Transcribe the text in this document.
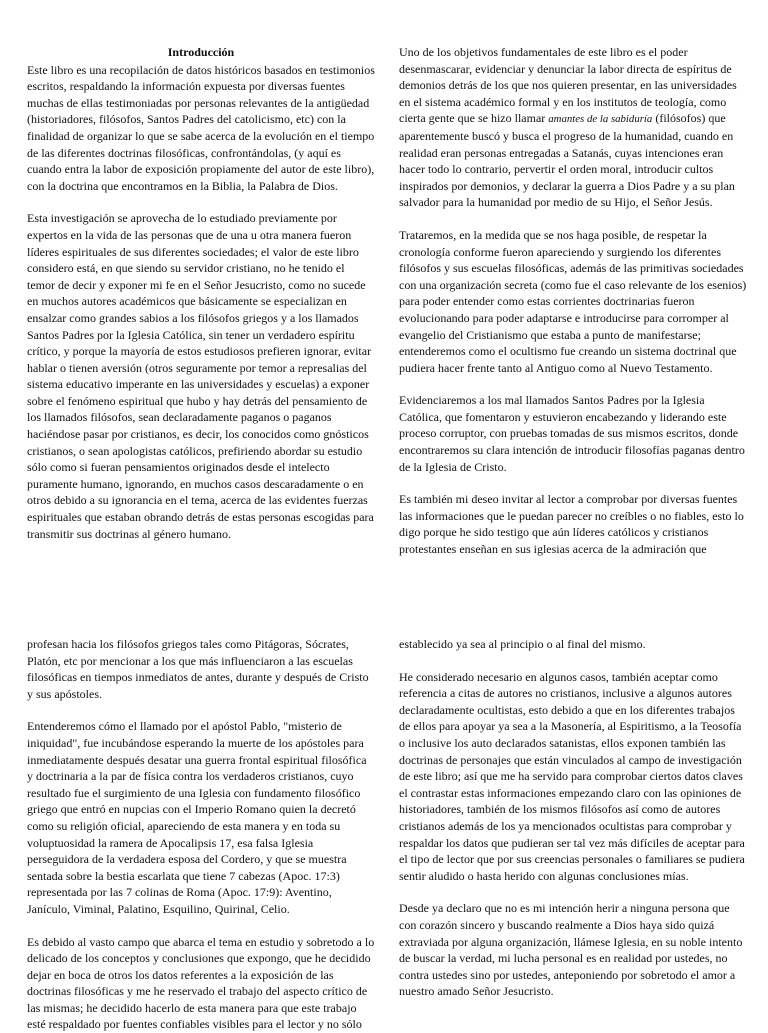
Introducción

Este libro es una recopilación de datos históricos basados en testimonios escritos, respaldando la información expuesta por diversas fuentes muchas de ellas testimoniadas por personas relevantes de la antigüedad (historiadores, filósofos, Santos Padres del catolicismo, etc) con la finalidad de organizar lo que se sabe acerca de la evolución en el tiempo de las diferentes doctrinas filosóficas, confrontándolas, (y aquí es cuando entra la labor de exposición propiamente del autor de este libro), con la doctrina que encontramos en la Biblia, la Palabra de Dios.

Esta investigación se aprovecha de lo estudiado previamente por expertos en la vida de las personas que de una u otra manera fueron líderes espirituales de sus diferentes sociedades; el valor de este libro considero está, en que siendo su servidor cristiano, no he tenido el temor de decir y exponer mi fe en el Señor Jesucristo, como no sucede en muchos autores académicos que básicamente se especializan en ensalzar como grandes sabios a los filósofos griegos y a los llamados Santos Padres por la Iglesia Católica, sin tener un verdadero espíritu crítico, y porque la mayoría de estos estudiosos prefieren ignorar, evitar hablar o tienen aversión (otros seguramente por temor a represalias del sistema educativo imperante en las universidades y escuelas) a exponer sobre el fenómeno espiritual que hubo y hay detrás del pensamiento de los llamados filósofos, sean declaradamente paganos o paganos haciéndose pasar por cristianos, es decir, los conocidos como gnósticos cristianos, o sean apologistas católicos, prefiriendo abordar su estudio sólo como si fueran pensamientos originados desde el intelecto puramente humano, ignorando, en muchos casos descaradamente o en otros debido a su ignorancia en el tema, acerca de las evidentes fuerzas espirituales que estaban obrando detrás de estas personas escogidas para transmitir sus doctrinas al género humano.

Uno de los objetivos fundamentales de este libro es el poder desenmascarar, evidenciar y denunciar la labor directa de espíritus de demonios detrás de los que nos quieren presentar, en las universidades en el sistema académico formal y en los institutos de teología, como cierta gente que se hizo llamar amantes de la sabiduría (filósofos) que aparentemente buscó y busca el progreso de la humanidad, cuando en realidad eran personas entregadas a Satanás, cuyas intenciones eran hacer todo lo contrario, pervertir el orden moral, introducir cultos inspirados por demonios, y declarar la guerra a Dios Padre y a su plan salvador para la humanidad por medio de su Hijo, el Señor Jesús.

Trataremos, en la medida que se nos haga posible, de respetar la cronología conforme fueron apareciendo y surgiendo los diferentes filósofos y sus escuelas filosóficas, además de las primitivas sociedades con una organización secreta (como fue el caso relevante de los esenios) para poder entender como estas corrientes doctrinarias fueron evolucionando para poder adaptarse e introducirse para corromper al evangelio del Cristianismo que estaba a punto de manifestarse; entenderemos como el ocultismo fue creando un sistema doctrinal que pudiera hacer frente tanto al Antiguo como al Nuevo Testamento.

Evidenciaremos a los mal llamados Santos Padres por la Iglesia Católica, que fomentaron y estuvieron encabezando y liderando este proceso corruptor, con pruebas tomadas de sus mismos escritos, donde encontraremos su clara intención de introducir filosofías paganas dentro de la Iglesia de Cristo.

Es también mi deseo invitar al lector a comprobar por diversas fuentes las informaciones que le puedan parecer no creíbles o no fiables, esto lo digo porque he sido testigo que aún líderes católicos y cristianos protestantes enseñan en sus iglesias acerca de la admiración que

profesan hacia los filósofos griegos tales como Pitágoras, Sócrates, Platón, etc por mencionar a los que más influenciaron a las escuelas filosóficas en tiempos inmediatos de antes, durante y después de Cristo y sus apóstoles.

Entenderemos cómo el llamado por el apóstol Pablo, "misterio de iniquidad", fue incubándose esperando la muerte de los apóstoles para inmediatamente después desatar una guerra frontal espiritual filosófica y doctrinaria a la par de física contra los verdaderos cristianos, cuyo resultado fue el surgimiento de una Iglesia con fundamento filosófico griego que entró en nupcias con el Imperio Romano quien la decretó como su religión oficial, apareciendo de esta manera y en toda su voluptuosidad la ramera de Apocalipsis 17, esa falsa Iglesia perseguidora de la verdadera esposa del Cordero, y que se muestra sentada sobre la bestia escarlata que tiene 7 cabezas (Apoc. 17:3) representada por las 7 colinas de Roma (Apoc. 17:9): Aventino, Janículo, Viminal, Palatino, Esquilino, Quirinal, Celio.

Es debido al vasto campo que abarca el tema en estudio y sobretodo a lo delicado de los conceptos y conclusiones que expongo, que he decidido dejar en boca de otros los datos referentes a la exposición de las doctrinas filosóficas y me he reservado el trabajo del aspecto crítico de las mismas; he decidido hacerlo de esta manera para que este trabajo esté respaldado por fuentes confiables visibles para el lector y no sólo

establecido ya sea al principio o al final del mismo.

He considerado necesario en algunos casos, también aceptar como referencia a citas de autores no cristianos, inclusive a algunos autores declaradamente ocultistas, esto debido a que en los diferentes trabajos de ellos para apoyar ya sea a la Masonería, al Espiritismo, a la Teosofía o inclusive los auto declarados satanistas, ellos exponen también las doctrinas de personajes que están vinculados al campo de investigación de este libro; así que me ha servido para comprobar ciertos datos claves el contrastar estas informaciones empezando claro con las opiniones de historiadores, también de los mismos filósofos así como de autores cristianos además de los ya mencionados ocultistas para comprobar y respaldar los datos que pudieran ser tal vez más difíciles de aceptar para el tipo de lector que por sus creencias personales o familiares se pudiera sentir aludido o hasta herido con algunas conclusiones mías.

Desde ya declaro que no es mi intención herir a ninguna persona que con corazón sincero y buscando realmente a Dios haya sido quizá extraviada por alguna organización, llámese Iglesia, en su noble intento de buscar la verdad, mi lucha personal es en realidad por ustedes, no contra ustedes sino por ustedes, anteponiendo por sobretodo el amor a nuestro amado Señor Jesucristo.
